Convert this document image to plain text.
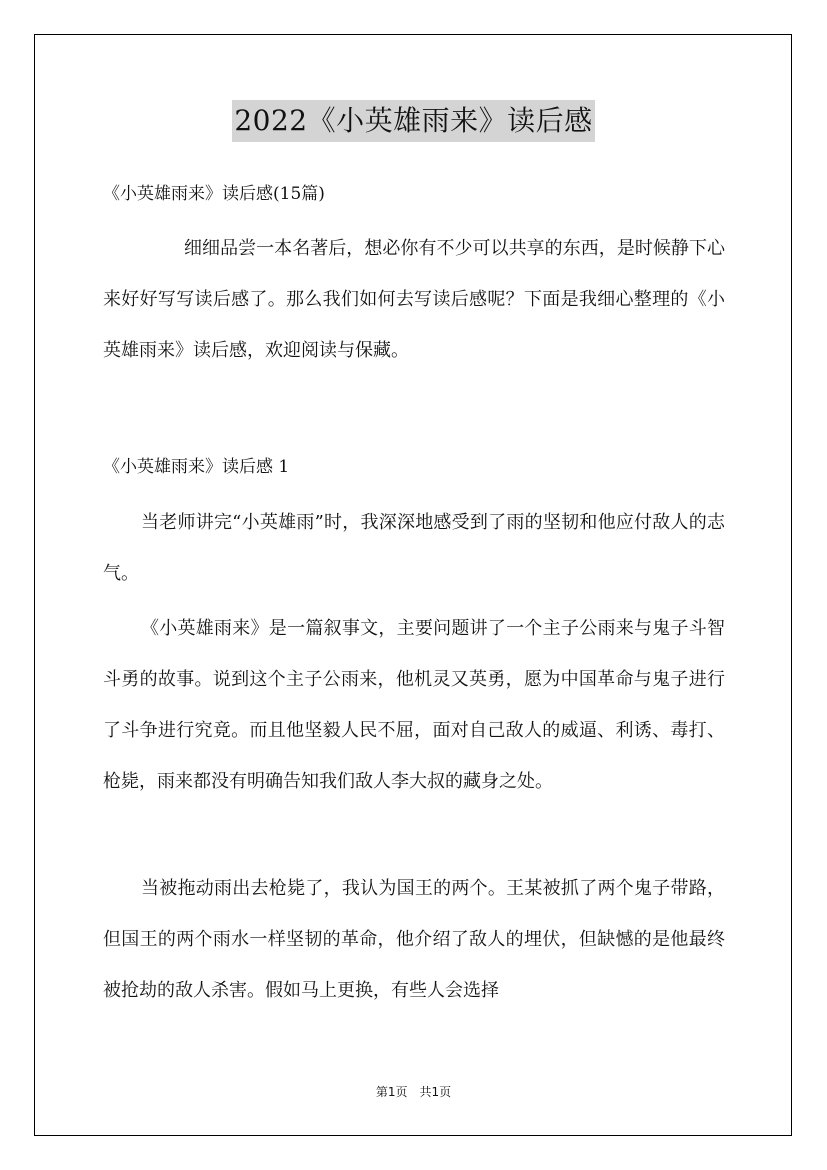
2022《小英雄雨来》读后感
《小英雄雨来》读后感(15篇)

细细品尝一本名著后，想必你有不少可以共享的东西，是时候静下心来好好写写读后感了。那么我们如何去写读后感呢？下面是我细心整理的《小英雄雨来》读后感，欢迎阅读与保藏。

《小英雄雨来》读后感 1

当老师讲完“小英雄雨”时，我深深地感受到了雨的坚韧和他应付敌人的志气。

《小英雄雨来》是一篇叙事文，主要问题讲了一个主子公雨来与鬼子斗智斗勇的故事。说到这个主子公雨来，他机灵又英勇，愿为中国革命与鬼子进行了斗争进行究竟。而且他坚毅人民不屈，面对自己敌人的威逼、利诱、毒打、枪毙，雨来都没有明确告知我们敌人李大叔的藏身之处。

当被拖动雨出去枪毙了，我认为国王的两个。王某被抓了两个鬼子带路，但国王的两个雨水一样坚韧的革命，他介绍了敌人的埋伏，但缺憾的是他最终被抢劫的敌人杀害。假如马上更换，有些人会选择

第1页　共1页
